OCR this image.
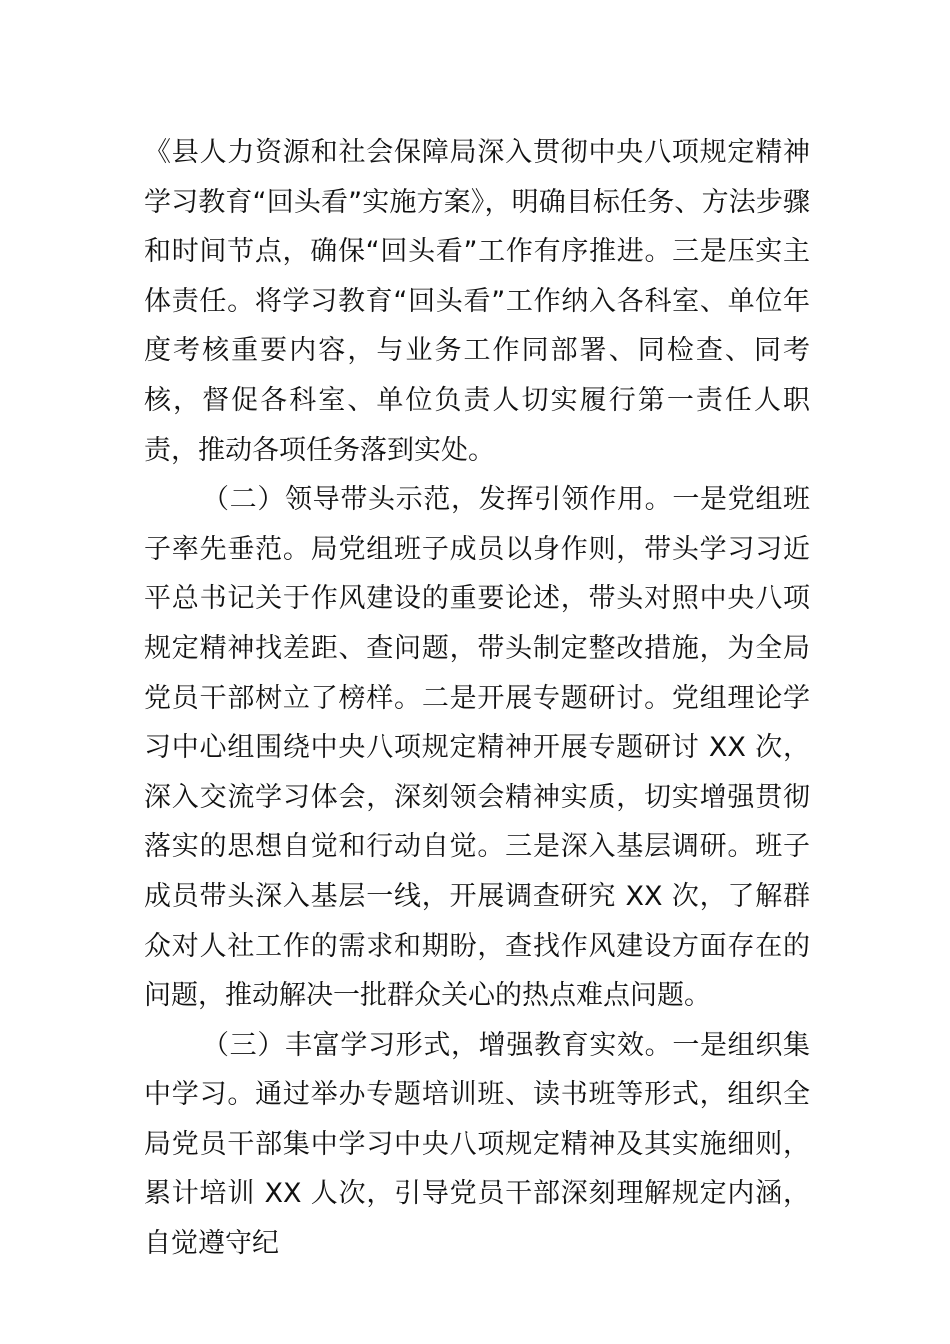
《县人力资源和社会保障局深入贯彻中央八项规定精神学习教育“回头看”实施方案》，明确目标任务、方法步骤和时间节点，确保“回头看”工作有序推进。三是压实主体责任。将学习教育“回头看”工作纳入各科室、单位年度考核重要内容，与业务工作同部署、同检查、同考核，督促各科室、单位负责人切实履行第一责任人职责，推动各项任务落到实处。

（二）领导带头示范，发挥引领作用。一是党组班子率先垂范。局党组班子成员以身作则，带头学习习近平总书记关于作风建设的重要论述，带头对照中央八项规定精神找差距、查问题，带头制定整改措施，为全局党员干部树立了榜样。二是开展专题研讨。党组理论学习中心组围绕中央八项规定精神开展专题研讨 XX 次，深入交流学习体会，深刻领会精神实质，切实增强贯彻落实的思想自觉和行动自觉。三是深入基层调研。班子成员带头深入基层一线，开展调查研究 XX 次，了解群众对人社工作的需求和期盼，查找作风建设方面存在的问题，推动解决一批群众关心的热点难点问题。

（三）丰富学习形式，增强教育实效。一是组织集中学习。通过举办专题培训班、读书班等形式，组织全局党员干部集中学习中央八项规定精神及其实施细则，累计培训 XX 人次，引导党员干部深刻理解规定内涵，自觉遵守纪
